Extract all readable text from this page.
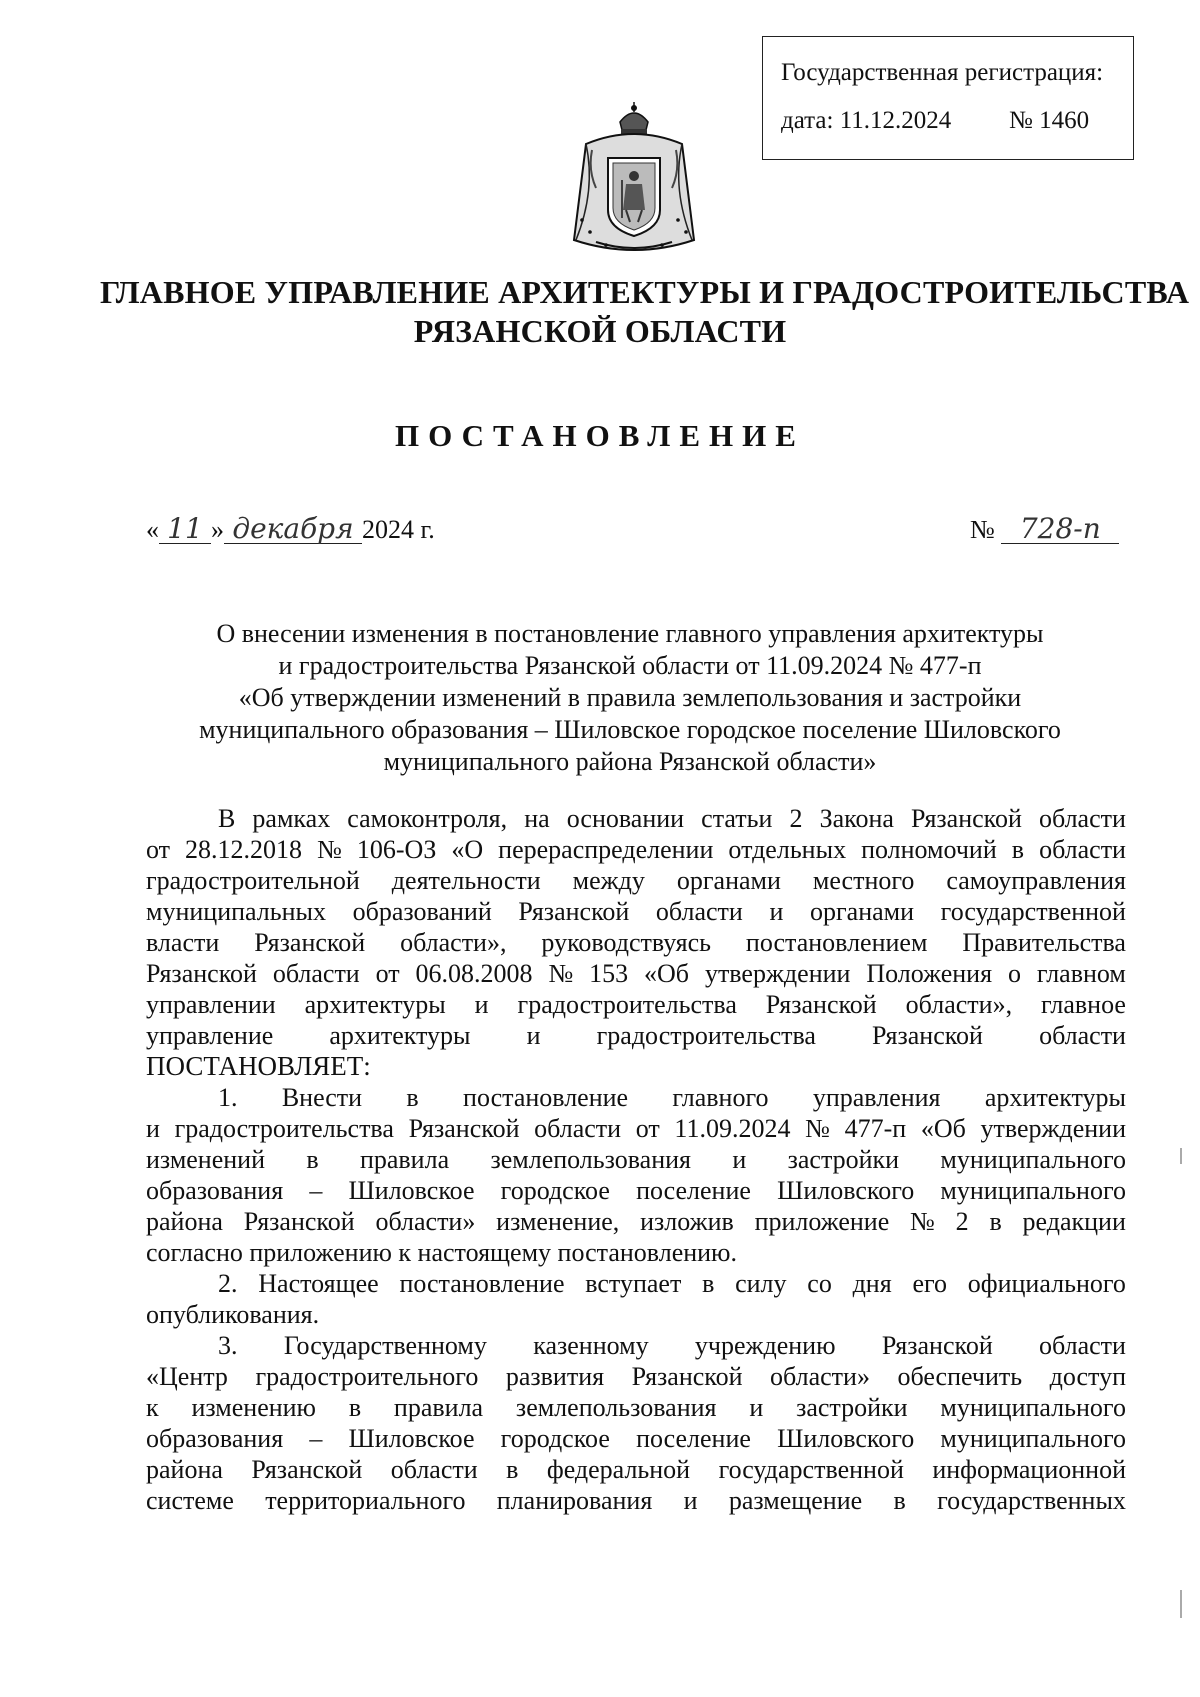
Государственная регистрация:
дата: 11.12.2024 № 1460
ГЛАВНОЕ УПРАВЛЕНИЕ АРХИТЕКТУРЫ И ГРАДОСТРОИТЕЛЬСТВА
РЯЗАНСКОЙ ОБЛАСТИ
ПОСТАНОВЛЕНИЕ
« 11 » декабря 2024 г.	№ 728-п
О внесении изменения в постановление главного управления архитектуры
и градостроительства Рязанской области от 11.09.2024 № 477-п
«Об утверждении изменений в правила землепользования и застройки
муниципального образования – Шиловское городское поселение Шиловского
муниципального района Рязанской области»
В рамках самоконтроля, на основании статьи 2 Закона Рязанской области
от 28.12.2018 № 106-ОЗ «О перераспределении отдельных полномочий в области
градостроительной деятельности между органами местного самоуправления
муниципальных образований Рязанской области и органами государственной
власти Рязанской области», руководствуясь постановлением Правительства
Рязанской области от 06.08.2008 № 153 «Об утверждении Положения о главном
управлении архитектуры и градостроительства Рязанской области», главное
управление архитектуры и градостроительства Рязанской области
ПОСТАНОВЛЯЕТ:
1. Внести в постановление главного управления архитектуры
и градостроительства Рязанской области от 11.09.2024 № 477-п «Об утверждении
изменений в правила землепользования и застройки муниципального
образования – Шиловское городское поселение Шиловского муниципального
района Рязанской области» изменение, изложив приложение № 2 в редакции
согласно приложению к настоящему постановлению.
2. Настоящее постановление вступает в силу со дня его официального
опубликования.
3. Государственному казенному учреждению Рязанской области
«Центр градостроительного развития Рязанской области» обеспечить доступ
к изменению в правила землепользования и застройки муниципального
образования – Шиловское городское поселение Шиловского муниципального
района Рязанской области в федеральной государственной информационной
системе территориального планирования и размещение в государственных
